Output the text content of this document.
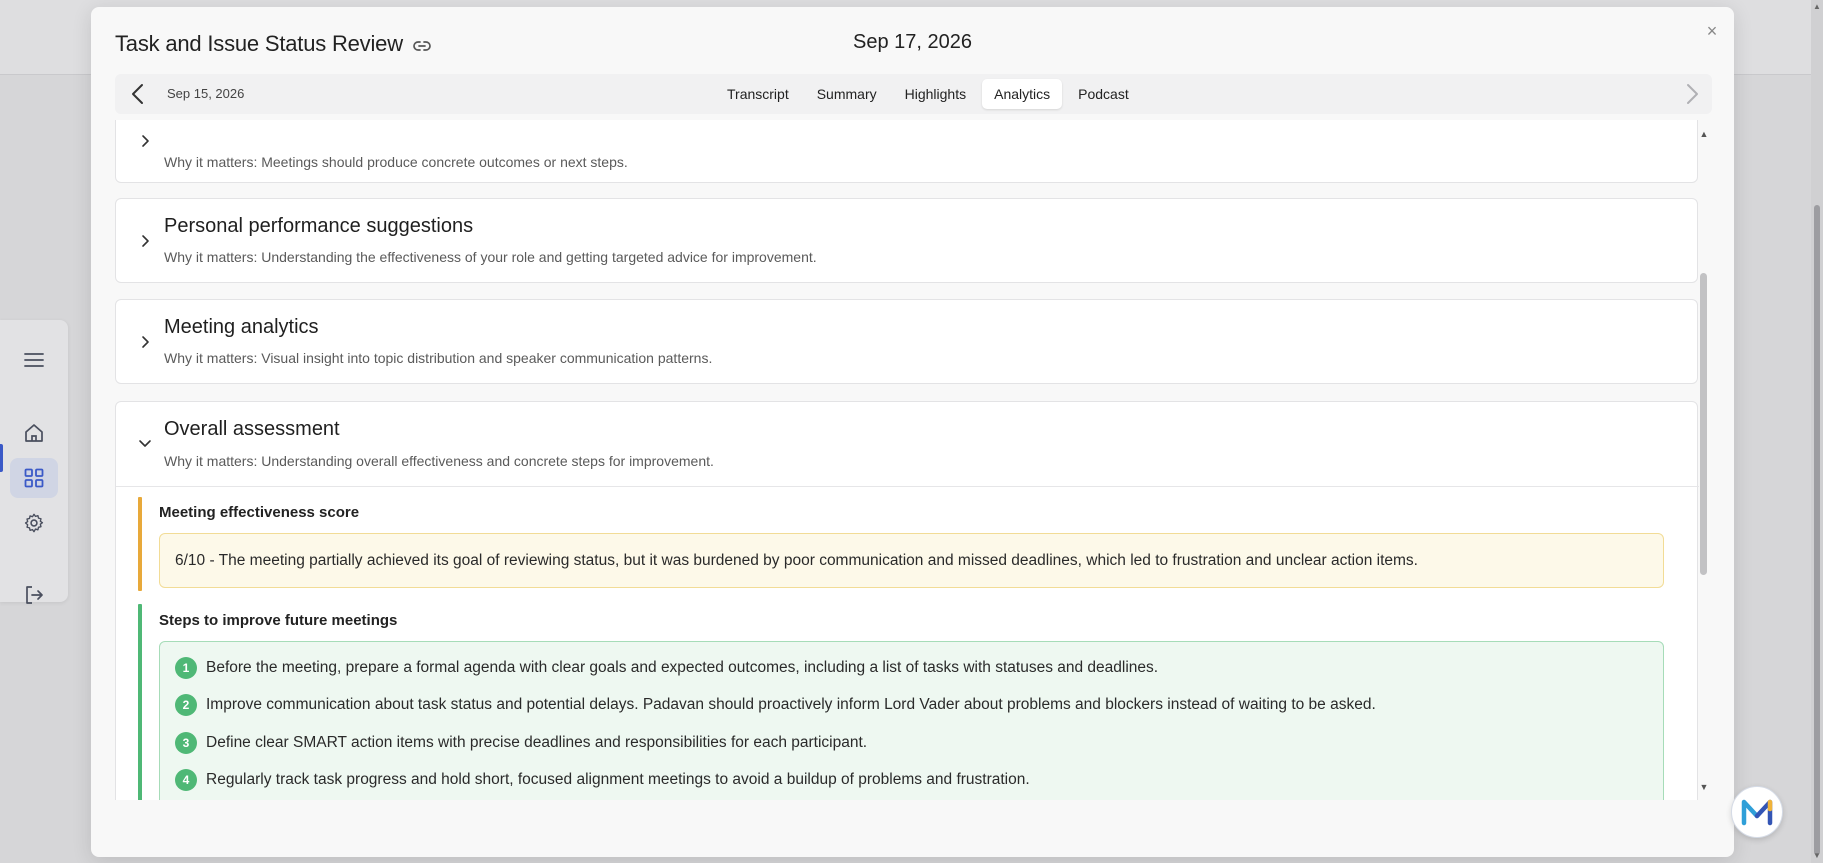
▲
▼
Task and Issue Status Review	Sep 17, 2026	×
Sep 15, 2026	Transcript	Summary	Highlights	Analytics	Podcast
Why it matters: Meetings should produce concrete outcomes or next steps.
Personal performance suggestions
Why it matters: Understanding the effectiveness of your role and getting targeted advice for improvement.
Meeting analytics
Why it matters: Visual insight into topic distribution and speaker communication patterns.
Overall assessment
Why it matters: Understanding overall effectiveness and concrete steps for improvement.
Meeting effectiveness score
6/10 - The meeting partially achieved its goal of reviewing status, but it was burdened by poor communication and missed deadlines, which led to frustration and unclear action items.
Steps to improve future meetings
1	Before the meeting, prepare a formal agenda with clear goals and expected outcomes, including a list of tasks with statuses and deadlines.
2	Improve communication about task status and potential delays. Padavan should proactively inform Lord Vader about problems and blockers instead of waiting to be asked.
3	Define clear SMART action items with precise deadlines and responsibilities for each participant.
4	Regularly track task progress and hold short, focused alignment meetings to avoid a buildup of problems and frustration.
▲
▼
